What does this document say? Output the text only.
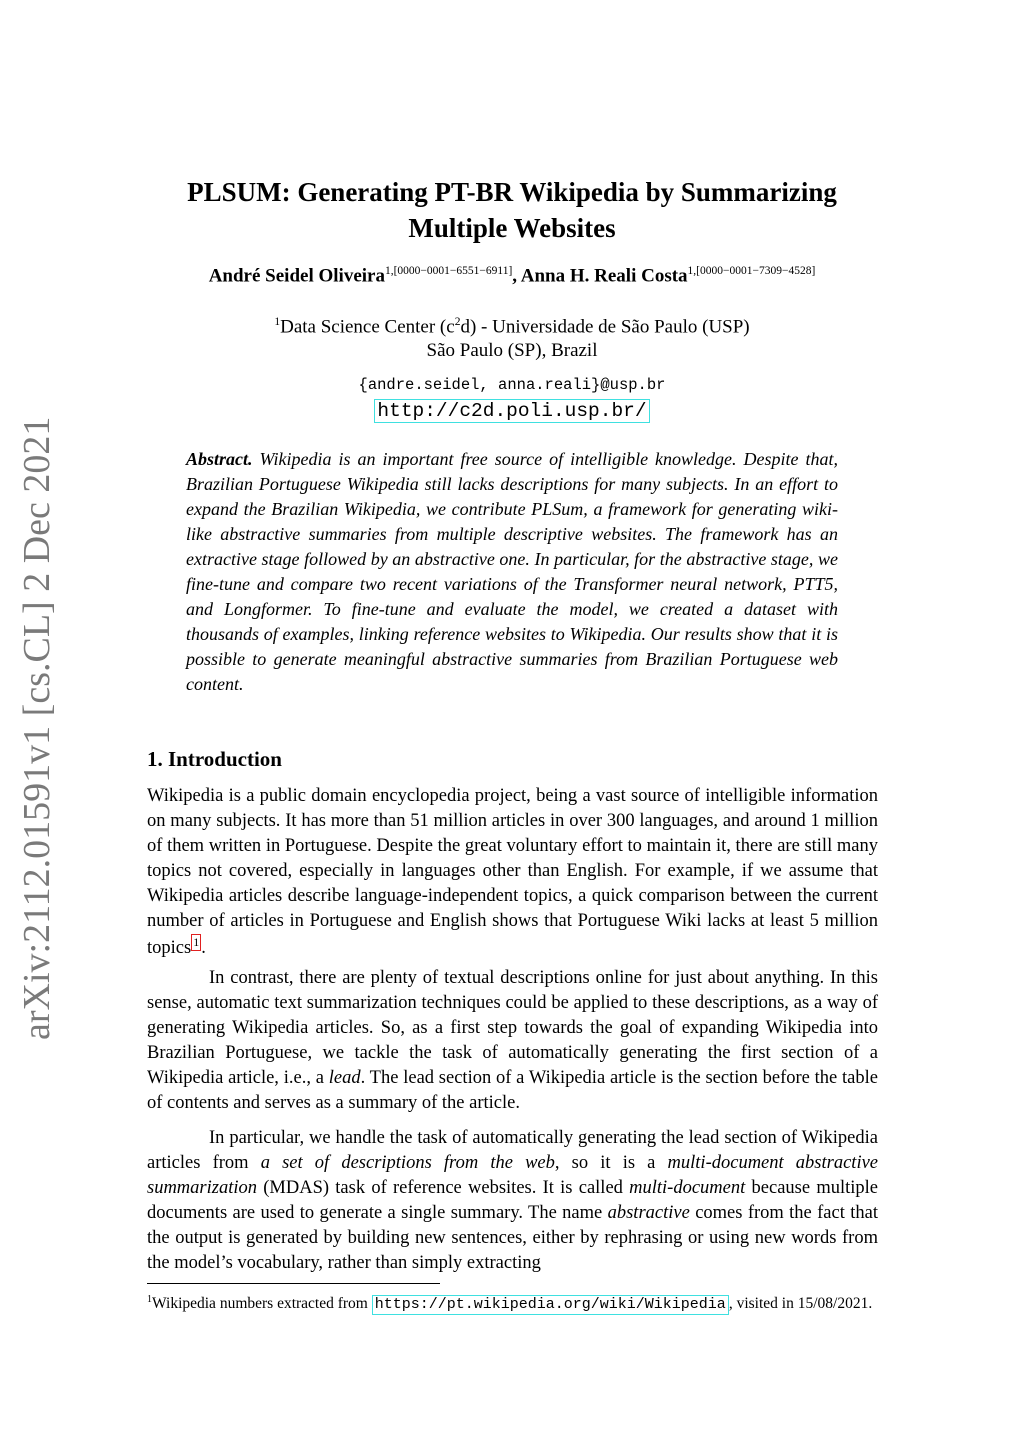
arXiv:2112.01591v1 [cs.CL] 2 Dec 2021
PLSUM: Generating PT-BR Wikipedia by Summarizing
Multiple Websites
André Seidel Oliveira$^{1,[0000-0001-6551-6911]}$, Anna H. Reali Costa$^{1,[0000-0001-7309-4528]}$
$^1$Data Science Center $(c^2d)$ - Universidade de São Paulo (USP)
São Paulo (SP), Brazil
{andre.seidel, anna.reali}@usp.br
http://c2d.poli.usp.br/
Abstract. Wikipedia is an important free source of intelligible knowledge. Despite that, Brazilian Portuguese Wikipedia still lacks descriptions for many subjects. In an effort to expand the Brazilian Wikipedia, we contribute PLSum, a framework for generating wiki-like abstractive summaries from multiple descriptive websites. The framework has an extractive stage followed by an abstractive one. In particular, for the abstractive stage, we fine-tune and compare two recent variations of the Transformer neural network, PTT5, and Longformer. To fine-tune and evaluate the model, we created a dataset with thousands of examples, linking reference websites to Wikipedia. Our results show that it is possible to generate meaningful abstractive summaries from Brazilian Portuguese web content.
1. Introduction
Wikipedia is a public domain encyclopedia project, being a vast source of intelligible information on many subjects. It has more than 51 million articles in over 300 languages, and around 1 million of them written in Portuguese. Despite the great voluntary effort to maintain it, there are still many topics not covered, especially in languages other than English. For example, if we assume that Wikipedia articles describe language-independent topics, a quick comparison between the current number of articles in Portuguese and English shows that Portuguese Wiki lacks at least 5 million topics 1 .
In contrast, there are plenty of textual descriptions online for just about anything. In this sense, automatic text summarization techniques could be applied to these descriptions, as a way of generating Wikipedia articles. So, as a first step towards the goal of expanding Wikipedia into Brazilian Portuguese, we tackle the task of automatically generating the first section of a Wikipedia article, i.e., a lead. The lead section of a Wikipedia article is the section before the table of contents and serves as a summary of the article.
In particular, we handle the task of automatically generating the lead section of Wikipedia articles from a set of descriptions from the web, so it is a multi-document abstractive summarization (MDAS) task of reference websites. It is called multi-document because multiple documents are used to generate a single summary. The name abstractive comes from the fact that the output is generated by building new sentences, either by rephrasing or using new words from the model’s vocabulary, rather than simply extracting
$^1$Wikipedia numbers extracted from https://pt.wikipedia.org/wiki/Wikipedia , visited in 15/08/2021.
